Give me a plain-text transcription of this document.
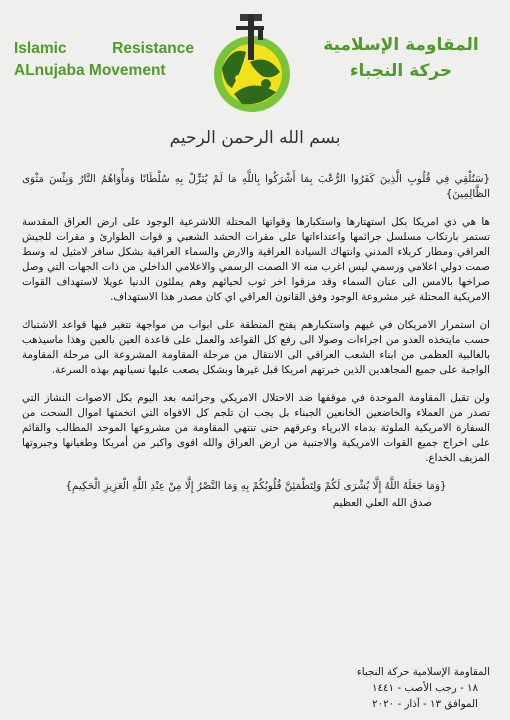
Islamic	Resistance
ALnujaba Movement
المقاومة الإسلامية
حركة النجباء
بسم الله الرحمن الرحيم

{سَنُلْقِي فِي قُلُوبِ الَّذِينَ كَفَرُوا الرُّعْبَ بِمَا أَشْرَكُوا بِاللَّهِ مَا لَمْ يُنَزِّلْ بِهِ سُلْطَانًا وَمَأْوَاهُمُ النَّارُ وَبِئْسَ مَثْوَى الظَّالِمِينَ}

ها هي ذي امريكا بكل استهتارها واستكبارها وقواتها المحتلة اللاشرعية الوجود على ارض العراق المقدسة تستمر بارتكاب مسلسل جرائمها واعتداءاتها على مقرات الحشد الشعبي و قوات الطوارئ و مقرات للجيش العراقي ومطار كربلاء المدني وانتهاك السيادة العراقية والارض والسماء العراقية بشكل سافر لامثيل له وسط صمت دولي اعلامي ورسمي ليس اغرب منه الا الصمت الرسمي والاعلامي الداخلي من ذات الجهات التي وصل صراخها بالامس الى عنان السماء وقد مزقوا اخر ثوب لحيائهم وهم يملئون الدنيا عويلا لاستهداف القوات الامريكية المحتلة غير مشروعة الوجود وفق القانون العراقي اي كان مصدر هذا الاستهداف.

ان استمرار الامريكان في غيهم واستكبارهم يفتح المنطقة على ابواب من مواجهة تتغير فيها قواعد الاشتباك حسب مايتخذه العدو من اجراءات وصولا الى رفع كل القواعد والعمل على قاعدة العين بالعين وهذا ماسيذهب بالغالبية العظمى من ابناء الشعب العراقي الى الانتقال من مرحلة المقاومة المشروعة الى مرحلة المقاومة الواجبة على جميع المجاهدين الذين خبرتهم امريكا قبل غيرها وبشكل يصعب عليها نسيانهم بهذه السرعة.

ولن تقبل المقاومة الموحدة في موقفها ضد الاحتلال الامريكي وجرائمه بعد اليوم بكل الاصوات النشاز التي تصدر من العملاء والخاضعين الخانعين الجبناء بل يجب ان تلجم كل الافواه التي اتخمتها اموال السحت من السفارة الامريكية الملوثة بدماء الابرياء وعرقهم حتى تنتهي المقاومة من مشروعها الموحد المطالب والقائم على اخراج جميع القوات الامريكية والاجنبية من ارض العراق والله اقوى واكبر من أمريكا وطغيانها وجبروتها المزيف الخداع.

{وَمَا جَعَلَهُ اللَّهُ إِلَّا بُشْرَى لَكُمْ وَلِتَطْمَئِنَّ قُلُوبُكُمْ بِهِ وَمَا النَّصْرُ إِلَّا مِنْ عِنْدِ اللَّهِ الْعَزِيزِ الْحَكِيمِ}

صدق الله العلي العظيم

المقاومة الإسلامية حركة النجباء
١٨ - رجب الأصب - ١٤٤١
الموافق ١٣ - آذار - ٢٠٢٠
